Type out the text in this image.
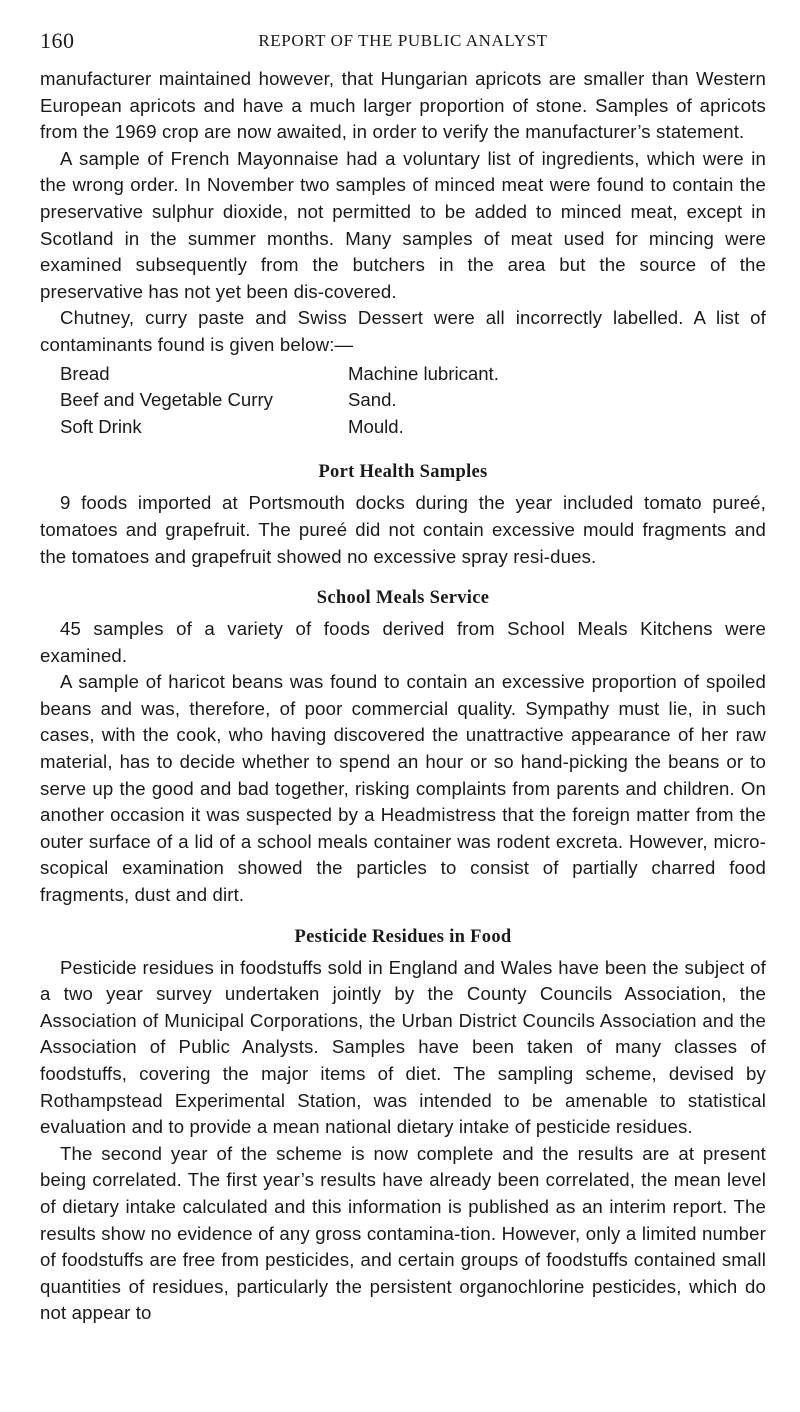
160	REPORT OF THE PUBLIC ANALYST

manufacturer maintained however, that Hungarian apricots are smaller than Western European apricots and have a much larger proportion of stone. Samples of apricots from the 1969 crop are now awaited, in order to verify the manufacturer’s statement.

A sample of French Mayonnaise had a voluntary list of ingredients, which were in the wrong order. In November two samples of minced meat were found to contain the preservative sulphur dioxide, not permitted to be added to minced meat, except in Scotland in the summer months. Many samples of meat used for mincing were examined subsequently from the butchers in the area but the source of the preservative has not yet been dis-covered.

Chutney, curry paste and Swiss Dessert were all incorrectly labelled. A list of contaminants found is given below:—

Bread	Machine lubricant.
Beef and Vegetable Curry	Sand.
Soft Drink	Mould.
Port Health Samples

9 foods imported at Portsmouth docks during the year included tomato pureé, tomatoes and grapefruit. The pureé did not contain excessive mould fragments and the tomatoes and grapefruit showed no excessive spray resi-dues.

School Meals Service

45 samples of a variety of foods derived from School Meals Kitchens were examined.

A sample of haricot beans was found to contain an excessive proportion of spoiled beans and was, therefore, of poor commercial quality. Sympathy must lie, in such cases, with the cook, who having discovered the unattractive appearance of her raw material, has to decide whether to spend an hour or so hand-picking the beans or to serve up the good and bad together, risking complaints from parents and children. On another occasion it was suspected by a Headmistress that the foreign matter from the outer surface of a lid of a school meals container was rodent excreta. However, micro-scopical examination showed the particles to consist of partially charred food fragments, dust and dirt.

Pesticide Residues in Food

Pesticide residues in foodstuffs sold in England and Wales have been the subject of a two year survey undertaken jointly by the County Councils Association, the Association of Municipal Corporations, the Urban District Councils Association and the Association of Public Analysts. Samples have been taken of many classes of foodstuffs, covering the major items of diet. The sampling scheme, devised by Rothampstead Experimental Station, was intended to be amenable to statistical evaluation and to provide a mean national dietary intake of pesticide residues.

The second year of the scheme is now complete and the results are at present being correlated. The first year’s results have already been correlated, the mean level of dietary intake calculated and this information is published as an interim report. The results show no evidence of any gross contamina-tion. However, only a limited number of foodstuffs are free from pesticides, and certain groups of foodstuffs contained small quantities of residues, particularly the persistent organochlorine pesticides, which do not appear to
